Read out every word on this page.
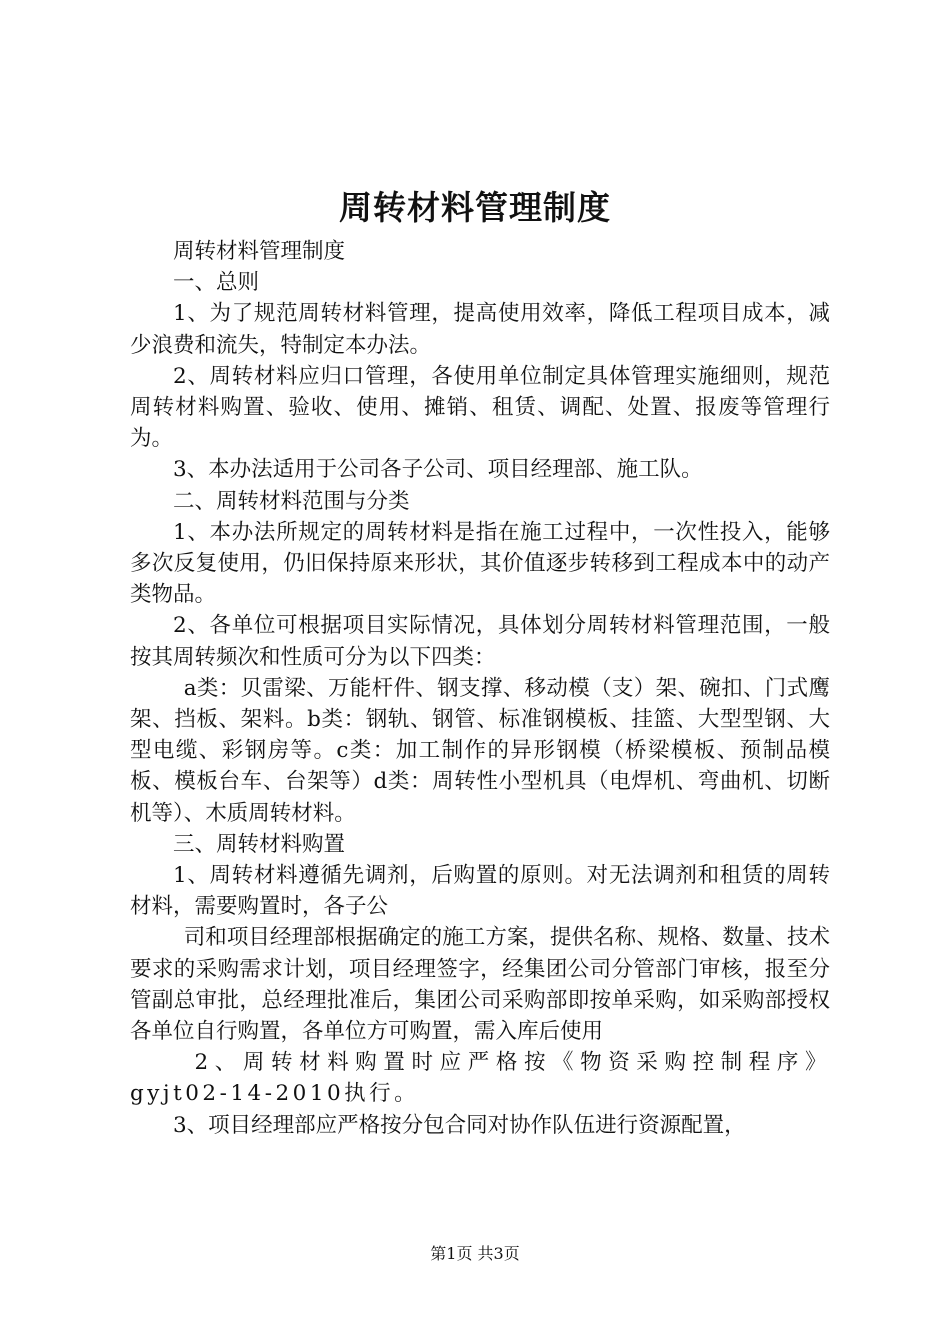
周转材料管理制度

周转材料管理制度

一、总则

1、为了规范周转材料管理，提高使用效率，降低工程项目成本，减少浪费和流失，特制定本办法。

2、周转材料应归口管理，各使用单位制定具体管理实施细则，规范周转材料购置、验收、使用、摊销、租赁、调配、处置、报废等管理行为。

3、本办法适用于公司各子公司、项目经理部、施工队。

二、周转材料范围与分类

1、本办法所规定的周转材料是指在施工过程中，一次性投入，能够多次反复使用，仍旧保持原来形状，其价值逐步转移到工程成本中的动产类物品。

2、各单位可根据项目实际情况，具体划分周转材料管理范围，一般按其周转频次和性质可分为以下四类：

a类：贝雷梁、万能杆件、钢支撑、移动模（支）架、碗扣、门式鹰架、挡板、架料。b类：钢轨、钢管、标准钢模板、挂篮、大型型钢、大型电缆、彩钢房等。c类：加工制作的异形钢模（桥梁模板、预制品模板、模板台车、台架等）d类：周转性小型机具（电焊机、弯曲机、切断机等）、木质周转材料。

三、周转材料购置

1、周转材料遵循先调剂，后购置的原则。对无法调剂和租赁的周转材料，需要购置时，各子公

司和项目经理部根据确定的施工方案，提供名称、规格、数量、技术要求的采购需求计划，项目经理签字，经集团公司分管部门审核，报至分管副总审批，总经理批准后，集团公司采购部即按单采购，如采购部授权各单位自行购置，各单位方可购置，需入库后使用

2、周转材料购置时应严格按《物资采购控制程序》gyjt02-14-2010执行。

3、项目经理部应严格按分包合同对协作队伍进行资源配置，

第1页 共3页
